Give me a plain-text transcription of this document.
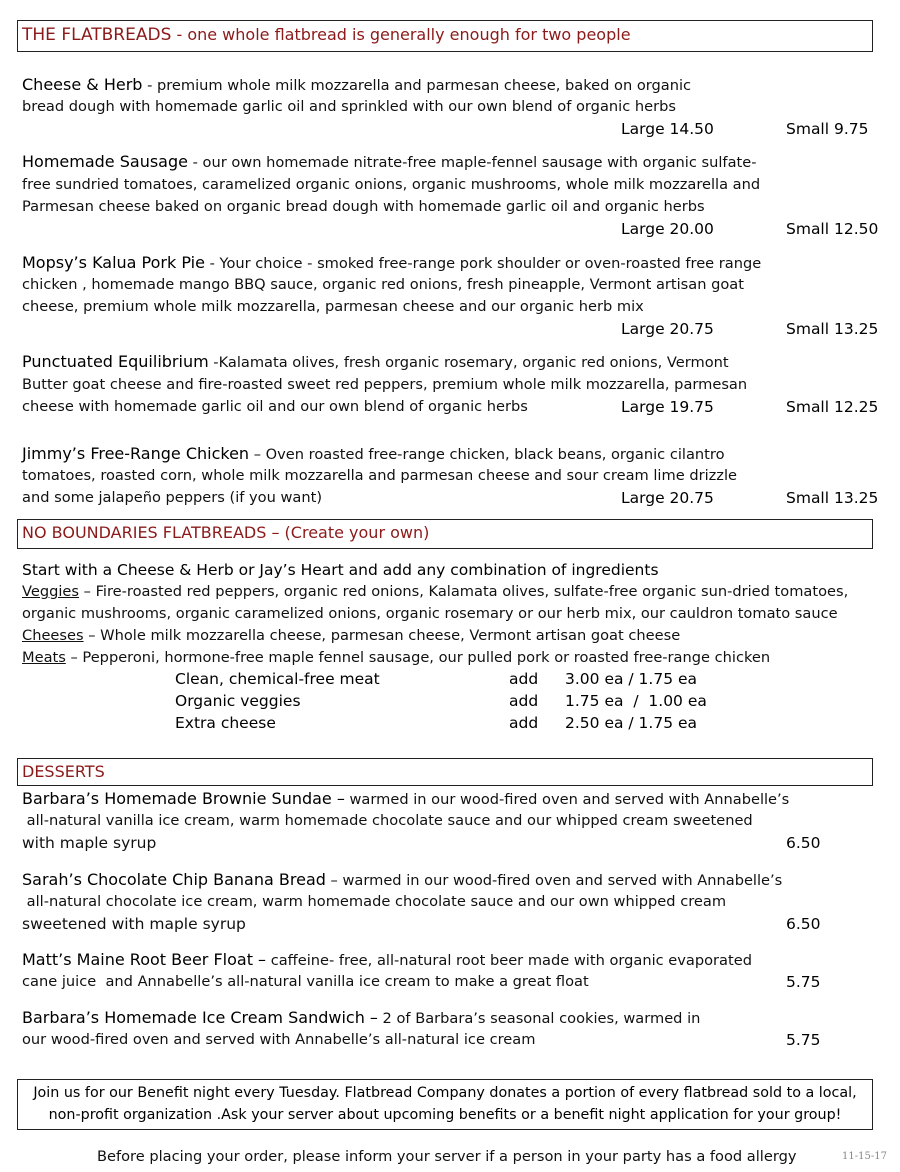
THE FLATBREADS - one whole flatbread is generally enough for two people
Cheese & Herb - premium whole milk mozzarella and parmesan cheese, baked on organic
bread dough with homemade garlic oil and sprinkled with our own blend of organic herbs
Large 14.50	Small 9.75
Homemade Sausage - our own homemade nitrate-free maple-fennel sausage with organic sulfate-
free sundried tomatoes, caramelized organic onions, organic mushrooms, whole milk mozzarella and
Parmesan cheese baked on organic bread dough with homemade garlic oil and organic herbs
Large 20.00	Small 12.50
Mopsy’s Kalua Pork Pie - Your choice - smoked free-range pork shoulder or oven-roasted free range
chicken , homemade mango BBQ sauce, organic red onions, fresh pineapple, Vermont artisan goat
cheese, premium whole milk mozzarella, parmesan cheese and our organic herb mix
Large 20.75	Small 13.25
Punctuated Equilibrium -Kalamata olives, fresh organic rosemary, organic red onions, Vermont
Butter goat cheese and fire-roasted sweet red peppers, premium whole milk mozzarella, parmesan
cheese with homemade garlic oil and our own blend of organic herbs	Large 19.75	Small 12.25
Jimmy’s Free-Range Chicken – Oven roasted free-range chicken, black beans, organic cilantro
tomatoes, roasted corn, whole milk mozzarella and parmesan cheese and sour cream lime drizzle
and some jalapeño peppers (if you want)	Large 20.75	Small 13.25
NO BOUNDARIES FLATBREADS – (Create your own)
Start with a Cheese & Herb or Jay’s Heart and add any combination of ingredients
Veggies – Fire-roasted red peppers, organic red onions, Kalamata olives, sulfate-free organic sun-dried tomatoes,
organic mushrooms, organic caramelized onions, organic rosemary or our herb mix, our cauldron tomato sauce
Cheeses – Whole milk mozzarella cheese, parmesan cheese, Vermont artisan goat cheese
Meats – Pepperoni, hormone-free maple fennel sausage, our pulled pork or roasted free-range chicken
Clean, chemical-free meat	add 3.00 ea / 1.75 ea
Organic veggies	add 1.75 ea  /  1.00 ea
Extra cheese	add 2.50 ea / 1.75 ea
DESSERTS
Barbara’s Homemade Brownie Sundae – warmed in our wood-fired oven and served with Annabelle’s
all-natural vanilla ice cream, warm homemade chocolate sauce and our whipped cream sweetened
with maple syrup	6.50
Sarah’s Chocolate Chip Banana Bread – warmed in our wood-fired oven and served with Annabelle’s
all-natural chocolate ice cream, warm homemade chocolate sauce and our own whipped cream
sweetened with maple syrup	6.50
Matt’s Maine Root Beer Float – caffeine- free, all-natural root beer made with organic evaporated
cane juice  and Annabelle’s all-natural vanilla ice cream to make a great float	5.75
Barbara’s Homemade Ice Cream Sandwich – 2 of Barbara’s seasonal cookies, warmed in
our wood-fired oven and served with Annabelle’s all-natural ice cream	5.75
Join us for our Benefit night every Tuesday. Flatbread Company donates a portion of every flatbread sold to a local,
non-profit organization .Ask your server about upcoming benefits or a benefit night application for your group!
Before placing your order, please inform your server if a person in your party has a food allergy	11-15-17
